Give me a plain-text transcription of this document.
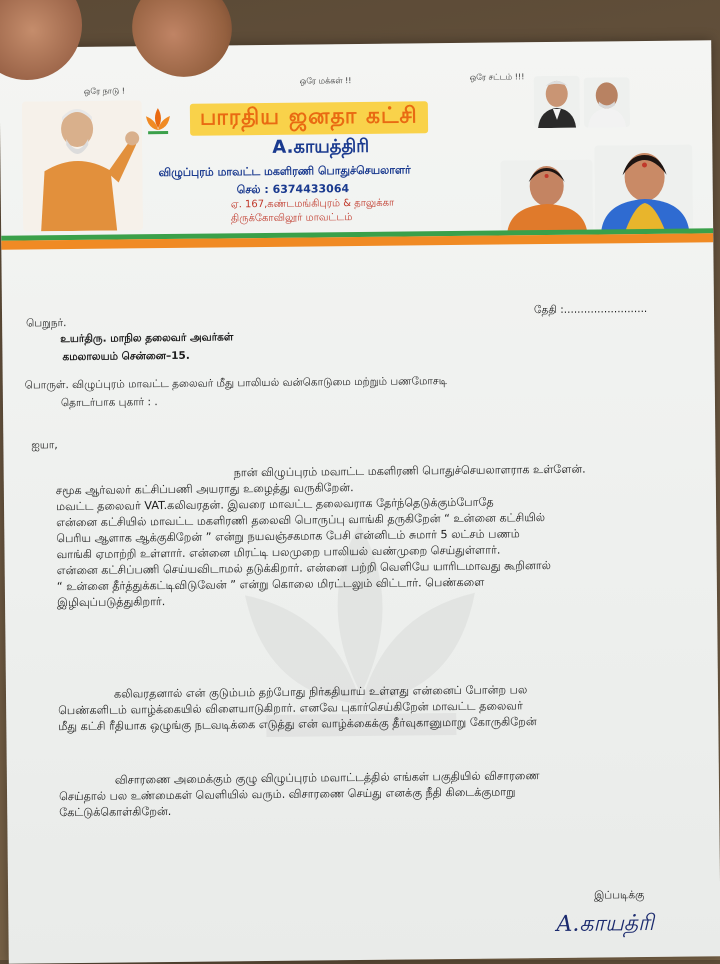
ஒரே நாடு !
ஒரே மக்கள் !!	ஒரே சட்டம் !!!
பாரதிய ஜனதா கட்சி
A.காயத்திரி
விழுப்புரம் மாவட்ட மகளிரணி பொதுச்செயலாளர்
செல் : 6374433064
ஏ. 167,கண்டமங்கிபுரம் & தாலுக்கா
திருக்கோவிலூர் மாவட்டம்
தேதி :.........................
பெறுநர்.
உயர்திரு. மாநில தலைவர் அவர்கள்
கமலாலயம் சென்னை–15.
பொருள். விழுப்புரம் மாவட்ட தலைவர் மீது பாலியல் வன்கொடுமை மற்றும் பணமோசடி
தொடர்பாக புகார் : .
ஐயா,
நான் விழுப்புரம் மவாட்ட மகளிரணி பொதுச்செயலாளராக உள்ளேன்.
சமூக ஆர்வலர் கட்சிப்பணி அயராது உழைத்து வருகிறேன்.
மவட்ட தலைவர் VAT.கலிவரதன். இவரை மாவட்ட தலைவராக தேர்ந்தெடுக்கும்போதே
என்னை கட்சியில் மாவட்ட மகளிரணி தலைவி பொருப்பு வாங்கி தருகிறேன் “ உன்னை கட்சியில்
பெரிய ஆளாக ஆக்குகிறேன் ” என்று நயவஞ்சகமாக பேசி என்னிடம் சுமார் 5 லட்சம் பணம்
வாங்கி ஏமாற்றி உள்ளார். என்னை மிரட்டி பலமுறை பாலியல் வண்முறை செய்துள்ளார்.
என்னை கட்சிப்பணி செய்யவிடாமல் தடுக்கிறார். என்னை பற்றி வெளியே யாரிடமாவது கூறினால்
“ உன்னை தீர்த்துக்கட்டிவிடுவேன் ” என்று கொலை மிரட்டலும் விட்டார். பெண்களை
இழிவுப்படுத்துகிறார்.
கலிவரதனால் என் குடும்பம் தற்போது நிர்கதியாய் உள்ளது என்னைப் போன்ற பல
பெண்களிடம் வாழ்க்கையில் விளையாடுகிறார். எனவே புகார்செய்கிறேன் மாவட்ட தலைவர்
மீது கட்சி ரீதியாக ஒழுங்கு நடவடிக்கை எடுத்து என் வாழ்க்கைக்கு தீர்வுகானுமாறு கோருகிறேன்
விசாரணை அமைக்கும் குழு விழுப்புரம் மவாட்டத்தில் எங்கள் பகுதியில் விசாரணை
செய்தால் பல உண்மைகள் வெளியில் வரும். விசாரணை செய்து எனக்கு நீதி கிடைக்குமாறு
கேட்டுக்கொள்கிறேன்.
இப்படிக்கு
A.காயத்ரி
